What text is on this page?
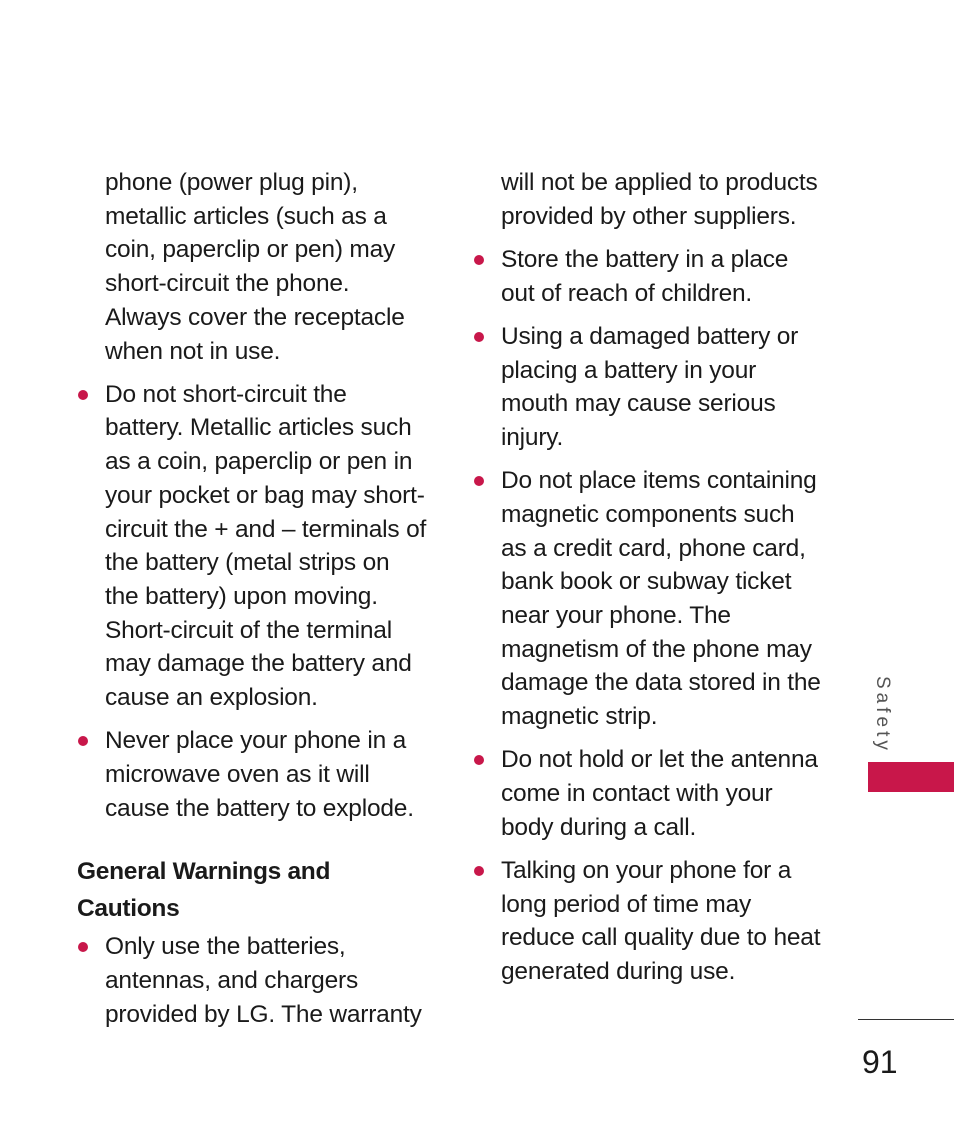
phone (power plug pin), metallic articles (such as a coin, paperclip or pen) may short-circuit the phone. Always cover the receptacle when not in use.

Do not short-circuit the battery. Metallic articles such as a coin, paperclip or pen in your pocket or bag may short-circuit the + and – terminals of the battery (metal strips on the battery) upon moving. Short-circuit of the terminal may damage the battery and cause an explosion.

Never place your phone in a microwave oven as it will cause the battery to explode.

General Warnings and Cautions

Only use the batteries, antennas, and chargers provided by LG. The warranty

will not be applied to products provided by other suppliers.

Store the battery in a place out of reach of children.

Using a damaged battery or placing a battery in your mouth may cause serious injury.

Do not place items containing magnetic components such as a credit card, phone card, bank book or subway ticket near your phone. The magnetism of the phone may damage the data stored in the magnetic strip.

Do not hold or let the antenna come in contact with your body during a call.

Talking on your phone for a long period of time may reduce call quality due to heat generated during use.

Safety
91
